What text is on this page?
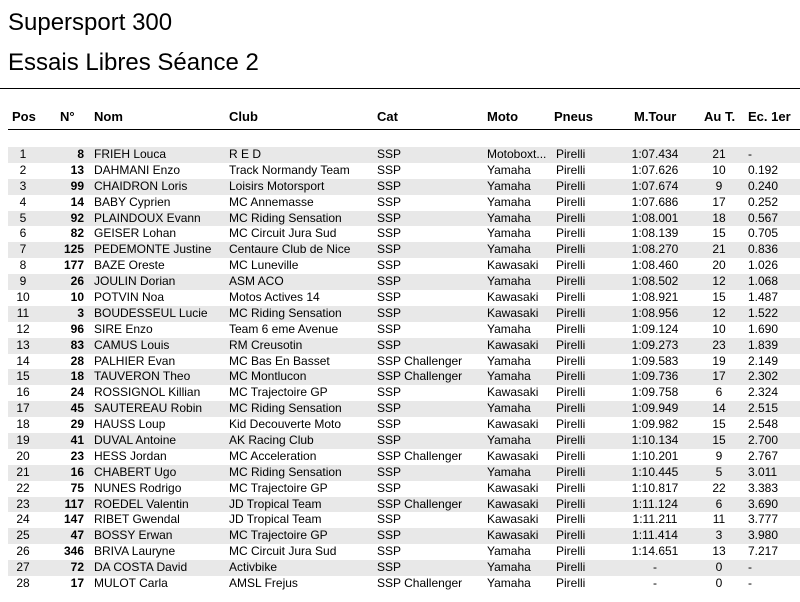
Supersport 300
Essais Libres Séance 2
Pos N° Nom	Club	Cat	Moto	Pneus	M.Tour Au T. Ec. 1er
1	8 FRIEH Louca	R E D	SSP	Motoboxt... Pirelli	1:07.434	21	-
2	13 DAHMANI Enzo	Track Normandy Team	SSP	Yamaha	Pirelli	1:07.626	10	0.192
3	99 CHAIDRON Loris	Loisirs Motorsport	SSP	Yamaha	Pirelli	1:07.674	9	0.240
4	14 BABY Cyprien	MC Annemasse	SSP	Yamaha	Pirelli	1:07.686	17	0.252
5	92 PLAINDOUX Evann	MC Riding Sensation	SSP	Yamaha	Pirelli	1:08.001	18	0.567
6	82 GEISER Lohan	MC Circuit Jura Sud	SSP	Yamaha	Pirelli	1:08.139	15	0.705
7	125 PEDEMONTE Justine	Centaure Club de Nice	SSP	Yamaha	Pirelli	1:08.270	21	0.836
8	177 BAZE Oreste	MC Luneville	SSP	Kawasaki	Pirelli	1:08.460	20	1.026
9	26 JOULIN Dorian	ASM ACO	SSP	Yamaha	Pirelli	1:08.502	12	1.068
10	10 POTVIN Noa	Motos Actives 14	SSP	Kawasaki	Pirelli	1:08.921	15	1.487
11	3 BOUDESSEUL Lucie	MC Riding Sensation	SSP	Kawasaki	Pirelli	1:08.956	12	1.522
12	96 SIRE Enzo	Team 6 eme Avenue	SSP	Yamaha	Pirelli	1:09.124	10	1.690
13	83 CAMUS Louis	RM Creusotin	SSP	Kawasaki	Pirelli	1:09.273	23	1.839
14	28 PALHIER Evan	MC Bas En Basset	SSP Challenger	Yamaha	Pirelli	1:09.583	19	2.149
15	18 TAUVERON Theo	MC Montlucon	SSP Challenger	Yamaha	Pirelli	1:09.736	17	2.302
16	24 ROSSIGNOL Killian	MC Trajectoire GP	SSP	Kawasaki	Pirelli	1:09.758	6	2.324
17	45 SAUTEREAU Robin	MC Riding Sensation	SSP	Yamaha	Pirelli	1:09.949	14	2.515
18	29 HAUSS Loup	Kid Decouverte Moto	SSP	Kawasaki	Pirelli	1:09.982	15	2.548
19	41 DUVAL Antoine	AK Racing Club	SSP	Yamaha	Pirelli	1:10.134	15	2.700
20	23 HESS Jordan	MC Acceleration	SSP Challenger	Kawasaki	Pirelli	1:10.201	9	2.767
21	16 CHABERT Ugo	MC Riding Sensation	SSP	Yamaha	Pirelli	1:10.445	5	3.011
22	75 NUNES Rodrigo	MC Trajectoire GP	SSP	Kawasaki	Pirelli	1:10.817	22	3.383
23	117 ROEDEL Valentin	JD Tropical Team	SSP Challenger	Kawasaki	Pirelli	1:11.124	6	3.690
24	147 RIBET Gwendal	JD Tropical Team	SSP	Kawasaki	Pirelli	1:11.211	11	3.777
25	47 BOSSY Erwan	MC Trajectoire GP	SSP	Kawasaki	Pirelli	1:11.414	3	3.980
26	346 BRIVA Lauryne	MC Circuit Jura Sud	SSP	Yamaha	Pirelli	1:14.651	13	7.217
27	72 DA COSTA David	Activbike	SSP	Yamaha	Pirelli	-	0	-
28	17 MULOT Carla	AMSL Frejus	SSP Challenger	Yamaha	Pirelli	-	0	-
